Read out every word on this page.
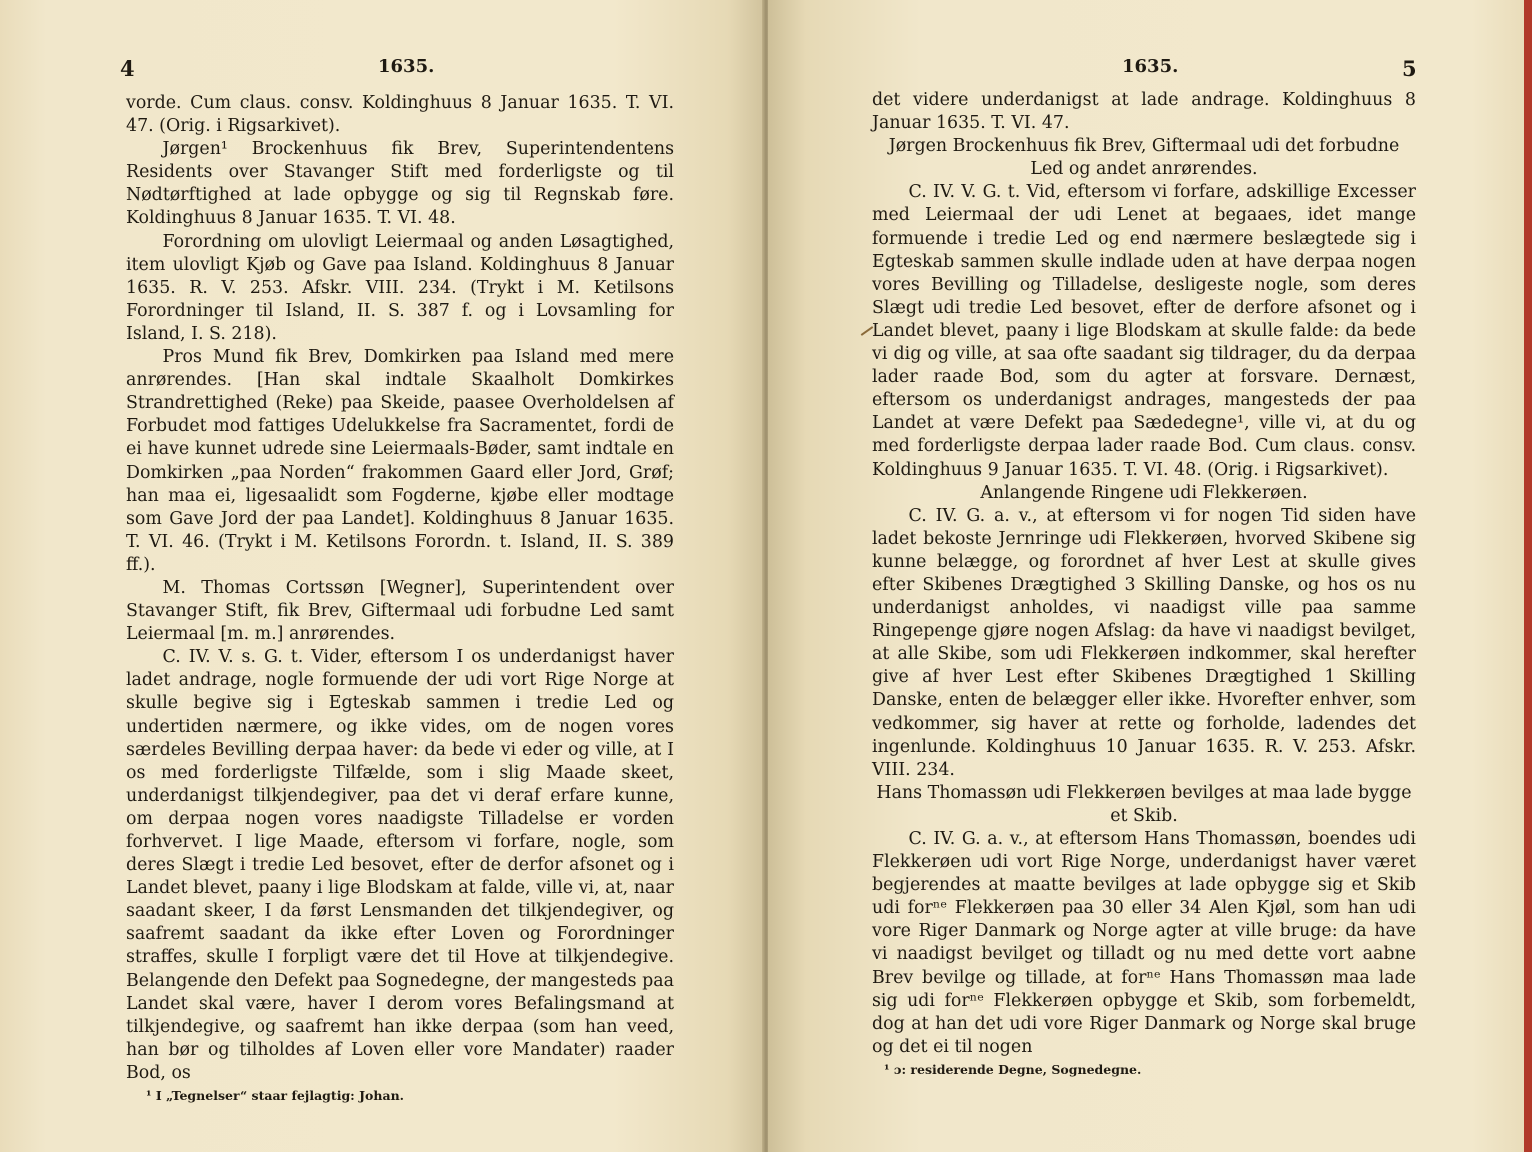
4	1635.

vorde. Cum claus. consv. Koldinghuus 8 Januar 1635. T. VI. 47. (Orig. i Rigsarkivet).

Jørgen¹ Brockenhuus fik Brev, Superintendentens Residents over Stavanger Stift med forderligste og til Nødtørftighed at lade opbygge og sig til Regnskab føre. Koldinghuus 8 Januar 1635. T. VI. 48.

Forordning om ulovligt Leiermaal og anden Løsagtighed, item ulovligt Kjøb og Gave paa Island. Koldinghuus 8 Januar 1635. R. V. 253. Afskr. VIII. 234. (Trykt i M. Ketilsons Forordninger til Island, II. S. 387 f. og i Lovsamling for Island, I. S. 218).

Pros Mund fik Brev, Domkirken paa Island med mere anrørendes. [Han skal indtale Skaalholt Domkirkes Strandrettighed (Reke) paa Skeide, paasee Overholdelsen af Forbudet mod fattiges Udelukkelse fra Sacramentet, fordi de ei have kunnet udrede sine Leiermaals-Bøder, samt indtale en Domkirken „paa Norden“ frakommen Gaard eller Jord, Grøf; han maa ei, ligesaalidt som Fogderne, kjøbe eller modtage som Gave Jord der paa Landet]. Koldinghuus 8 Januar 1635. T. VI. 46. (Trykt i M. Ketilsons Forordn. t. Island, II. S. 389 ff.).

M. Thomas Cortssøn [Wegner], Superintendent over Stavanger Stift, fik Brev, Giftermaal udi forbudne Led samt Leiermaal [m. m.] anrørendes.

C. IV. V. s. G. t. Vider, eftersom I os underdanigst haver ladet andrage, nogle formuende der udi vort Rige Norge at skulle begive sig i Egteskab sammen i tredie Led og undertiden nærmere, og ikke vides, om de nogen vores særdeles Bevilling derpaa haver: da bede vi eder og ville, at I os med forderligste Tilfælde, som i slig Maade skeet, underdanigst tilkjendegiver, paa det vi deraf erfare kunne, om derpaa nogen vores naadigste Tilladelse er vorden forhvervet. I lige Maade, eftersom vi forfare, nogle, som deres Slægt i tredie Led besovet, efter de derfor afsonet og i Landet blevet, paany i lige Blodskam at falde, ville vi, at, naar saadant skeer, I da først Lensmanden det tilkjendegiver, og saafremt saadant da ikke efter Loven og Forordninger straffes, skulle I forpligt være det til Hove at tilkjendegive. Belangende den Defekt paa Sognedegne, der mangesteds paa Landet skal være, haver I derom vores Befalingsmand at tilkjendegive, og saafremt han ikke derpaa (som han veed, han bør og tilholdes af Loven eller vore Mandater) raader Bod, os

¹ I „Tegnelser“ staar fejlagtig: Johan.

1635.	5

det videre underdanigst at lade andrage. Koldinghuus 8 Januar 1635. T. VI. 47.

Jørgen Brockenhuus fik Brev, Giftermaal udi det forbudne Led og andet anrørendes.

C. IV. V. G. t. Vid, eftersom vi forfare, adskillige Excesser med Leiermaal der udi Lenet at begaaes, idet mange formuende i tredie Led og end nærmere beslægtede sig i Egteskab sammen skulle indlade uden at have derpaa nogen vores Bevilling og Tilladelse, desligeste nogle, som deres Slægt udi tredie Led besovet, efter de derfore afsonet og i Landet blevet, paany i lige Blodskam at skulle falde: da bede vi dig og ville, at saa ofte saadant sig tildrager, du da derpaa lader raade Bod, som du agter at forsvare. Dernæst, eftersom os underdanigst andrages, mangesteds der paa Landet at være Defekt paa Sædedegne¹, ville vi, at du og med forderligste derpaa lader raade Bod. Cum claus. consv. Koldinghuus 9 Januar 1635. T. VI. 48. (Orig. i Rigsarkivet).

Anlangende Ringene udi Flekkerøen.

C. IV. G. a. v., at eftersom vi for nogen Tid siden have ladet bekoste Jernringe udi Flekkerøen, hvorved Skibene sig kunne belægge, og forordnet af hver Lest at skulle gives efter Skibenes Drægtighed 3 Skilling Danske, og hos os nu underdanigst anholdes, vi naadigst ville paa samme Ringepenge gjøre nogen Afslag: da have vi naadigst bevilget, at alle Skibe, som udi Flekkerøen indkommer, skal herefter give af hver Lest efter Skibenes Drægtighed 1 Skilling Danske, enten de belægger eller ikke. Hvorefter enhver, som vedkommer, sig haver at rette og forholde, ladendes det ingenlunde. Koldinghuus 10 Januar 1635. R. V. 253. Afskr. VIII. 234.

Hans Thomassøn udi Flekkerøen bevilges at maa lade bygge et Skib.

C. IV. G. a. v., at eftersom Hans Thomassøn, boendes udi Flekkerøen udi vort Rige Norge, underdanigst haver været begjerendes at maatte bevilges at lade opbygge sig et Skib udi forⁿᵉ Flekkerøen paa 30 eller 34 Alen Kjøl, som han udi vore Riger Danmark og Norge agter at ville bruge: da have vi naadigst bevilget og tilladt og nu med dette vort aabne Brev bevilge og tillade, at forⁿᵉ Hans Thomassøn maa lade sig udi forⁿᵉ Flekkerøen opbygge et Skib, som forbemeldt, dog at han det udi vore Riger Danmark og Norge skal bruge og det ei til nogen

¹ ɔ: residerende Degne, Sognedegne.
